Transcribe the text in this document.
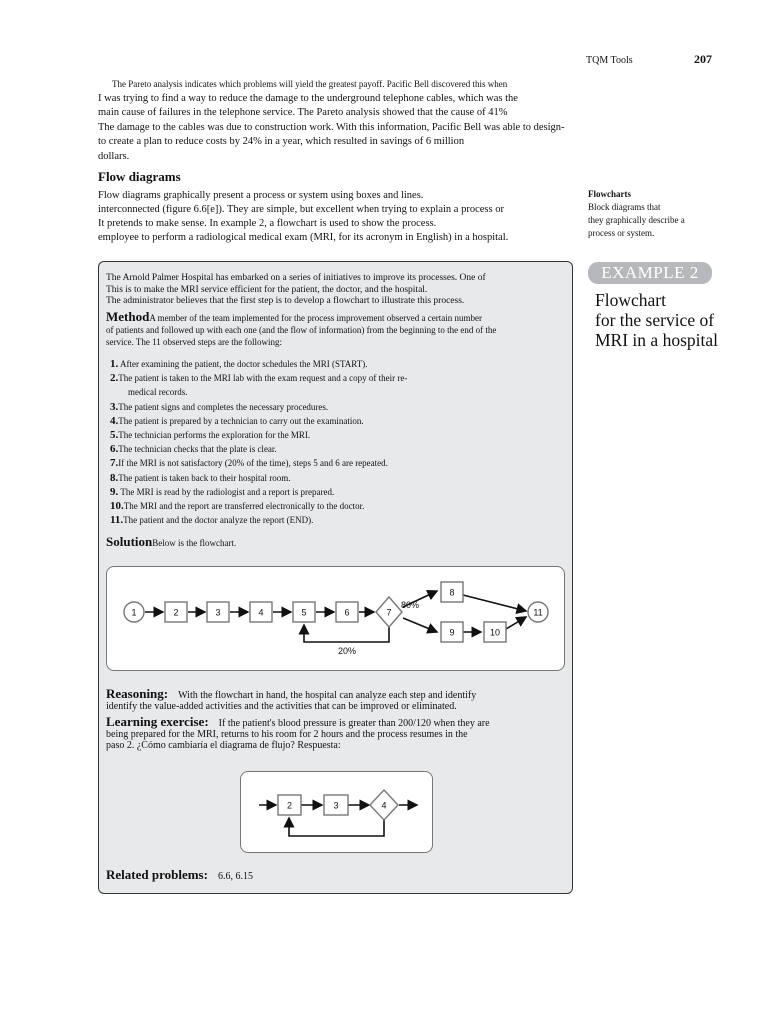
TQM Tools	207
The Pareto analysis indicates which problems will yield the greatest payoff. Pacific Bell discovered this when
I was trying to find a way to reduce the damage to the underground telephone cables, which was the
main cause of failures in the telephone service. The Pareto analysis showed that the cause of 41%
The damage to the cables was due to construction work. With this information, Pacific Bell was able to design-
to create a plan to reduce costs by 24% in a year, which resulted in savings of 6 million
dollars.
Flow diagrams
Flow diagrams graphically present a process or system using boxes and lines.
interconnected (figure 6.6[e]). They are simple, but excellent when trying to explain a process or
It pretends to make sense. In example 2, a flowchart is used to show the process.
employee to perform a radiological medical exam (MRI, for its acronym in English) in a hospital.
Flowcharts
Block diagrams that
they graphically describe a
process or system.
EXAMPLE 2
Flowchart
for the service of
MRI in a hospital
The Arnold Palmer Hospital has embarked on a series of initiatives to improve its processes. One of
This is to make the MRI service efficient for the patient, the doctor, and the hospital.
The administrator believes that the first step is to develop a flowchart to illustrate this process.
MethodA member of the team implemented for the process improvement observed a certain number
of patients and followed up with each one (and the flow of information) from the beginning to the end of the
service. The 11 observed steps are the following:
1. After examining the patient, the doctor schedules the MRI (START).
2.The patient is taken to the MRI lab with the exam request and a copy of their re-
medical records.
3.The patient signs and completes the necessary procedures.
4.The patient is prepared by a technician to carry out the examination.
5.The technician performs the exploration for the MRI.
6.The technician checks that the plate is clear.
7.If the MRI is not satisfactory (20% of the time), steps 5 and 6 are repeated.
8.The patient is taken back to their hospital room.
9. The MRI is read by the radiologist and a report is prepared.
10.The MRI and the report are transferred electronically to the doctor.
11.The patient and the doctor analyze the report (END).
SolutionBelow is the flowchart.
1	2	3	4	5	6	7
8
9	10
11
80%
20%
Reasoning: With the flowchart in hand, the hospital can analyze each step and identify
identify the value-added activities and the activities that can be improved or eliminated.
Learning exercise: If the patient's blood pressure is greater than 200/120 when they are
being prepared for the MRI, returns to his room for 2 hours and the process resumes in the
paso 2. ¿Cómo cambiaría el diagrama de flujo? Respuesta:
2	3	4
Related problems: 6.6, 6.15
